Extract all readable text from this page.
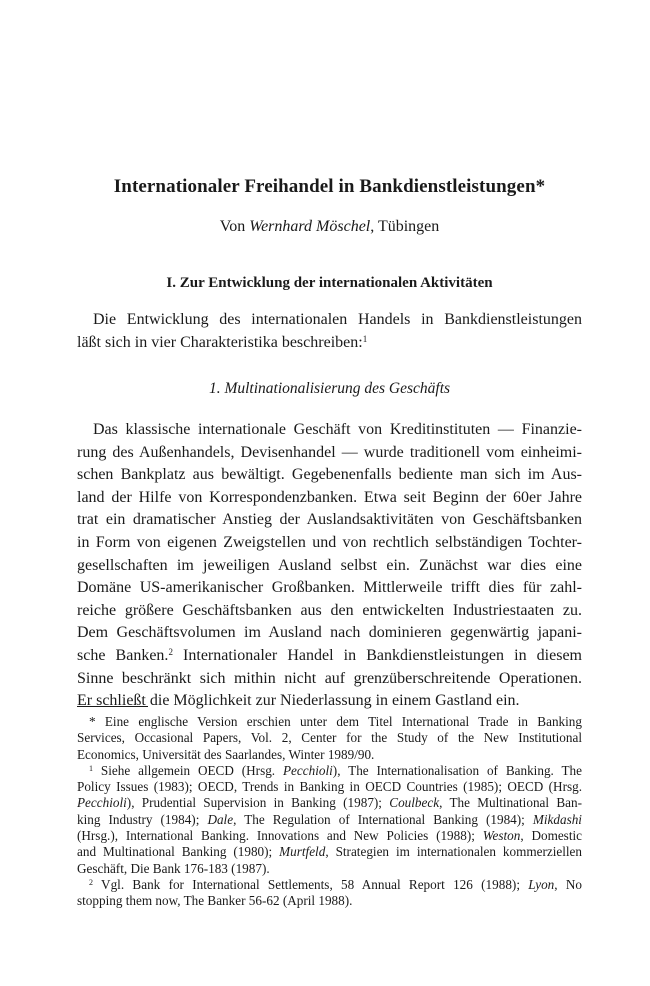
Internationaler Freihandel in Bankdienstleistungen*
Von Wernhard Möschel, Tübingen
I. Zur Entwicklung der internationalen Aktivitäten
Die Entwicklung des internationalen Handels in Bankdienstleistungen
läßt sich in vier Charakteristika beschreiben:$^1$
1. Multinationalisierung des Geschäfts
Das klassische internationale Geschäft von Kreditinstituten — Finanzie-
rung des Außenhandels, Devisenhandel — wurde traditionell vom einheimi-
schen Bankplatz aus bewältigt. Gegebenenfalls bediente man sich im Aus-
land der Hilfe von Korrespondenzbanken. Etwa seit Beginn der 60er Jahre
trat ein dramatischer Anstieg der Auslandsaktivitäten von Geschäftsbanken
in Form von eigenen Zweigstellen und von rechtlich selbständigen Tochter-
gesellschaften im jeweiligen Ausland selbst ein. Zunächst war dies eine
Domäne US-amerikanischer Großbanken. Mittlerweile trifft dies für zahl-
reiche größere Geschäftsbanken aus den entwickelten Industriestaaten zu.
Dem Geschäftsvolumen im Ausland nach dominieren gegenwärtig japani-
sche Banken.$^2$ Internationaler Handel in Bankdienstleistungen in diesem
Sinne beschränkt sich mithin nicht auf grenzüberschreitende Operationen.
Er schließt die Möglichkeit zur Niederlassung in einem Gastland ein.
* Eine englische Version erschien unter dem Titel International Trade in Banking
Services, Occasional Papers, Vol. 2, Center for the Study of the New Institutional
Economics, Universität des Saarlandes, Winter 1989/90.
$^1$ Siehe allgemein OECD (Hrsg. Pecchioli), The Internationalisation of Banking. The
Policy Issues (1983); OECD, Trends in Banking in OECD Countries (1985); OECD (Hrsg.
Pecchioli), Prudential Supervision in Banking (1987); Coulbeck, The Multinational Ban-
king Industry (1984); Dale, The Regulation of International Banking (1984); Mikdashi
(Hrsg.), International Banking. Innovations and New Policies (1988); Weston, Domestic
and Multinational Banking (1980); Murtfeld, Strategien im internationalen kommerziellen
Geschäft, Die Bank 176-183 (1987).
$^2$ Vgl. Bank for International Settlements, 58 Annual Report 126 (1988); Lyon, No
stopping them now, The Banker 56-62 (April 1988).
